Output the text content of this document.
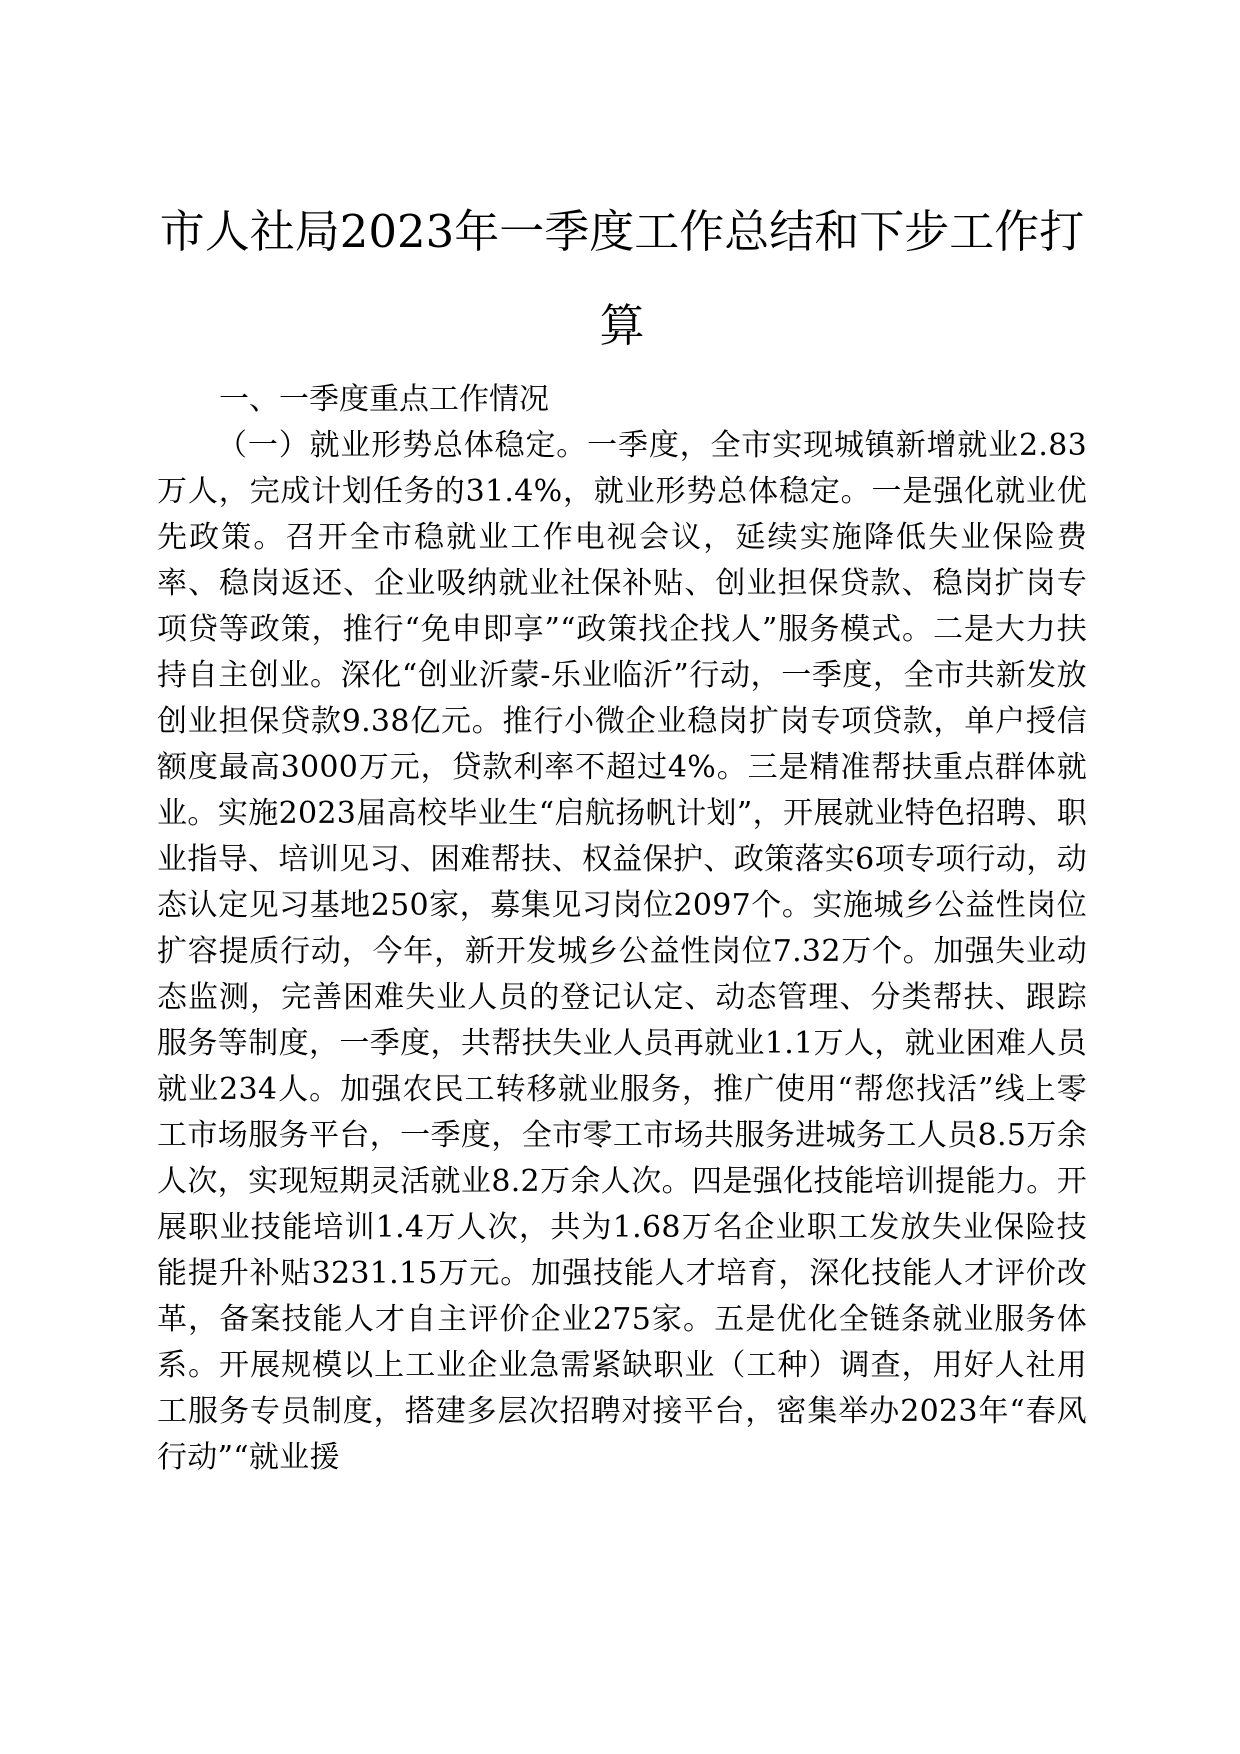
市人社局2023年一季度工作总结和下步工作打算

一、一季度重点工作情况

（一）就业形势总体稳定。一季度，全市实现城镇新增就业2.83万人，完成计划任务的31.4%，就业形势总体稳定。一是强化就业优先政策。召开全市稳就业工作电视会议，延续实施降低失业保险费率、稳岗返还、企业吸纳就业社保补贴、创业担保贷款、稳岗扩岗专项贷等政策，推行“免申即享”“政策找企找人”服务模式。二是大力扶持自主创业。深化“创业沂蒙-乐业临沂”行动，一季度，全市共新发放创业担保贷款9.38亿元。推行小微企业稳岗扩岗专项贷款，单户授信额度最高3000万元，贷款利率不超过4%。三是精准帮扶重点群体就业。实施2023届高校毕业生“启航扬帆计划”，开展就业特色招聘、职业指导、培训见习、困难帮扶、权益保护、政策落实6项专项行动，动态认定见习基地250家，募集见习岗位2097个。实施城乡公益性岗位扩容提质行动，今年，新开发城乡公益性岗位7.32万个。加强失业动态监测，完善困难失业人员的登记认定、动态管理、分类帮扶、跟踪服务等制度，一季度，共帮扶失业人员再就业1.1万人，就业困难人员就业234人。加强农民工转移就业服务，推广使用“帮您找活”线上零工市场服务平台，一季度，全市零工市场共服务进城务工人员8.5万余人次，实现短期灵活就业8.2万余人次。四是强化技能培训提能力。开展职业技能培训1.4万人次，共为1.68万名企业职工发放失业保险技能提升补贴3231.15万元。加强技能人才培育，深化技能人才评价改革，备案技能人才自主评价企业275家。五是优化全链条就业服务体系。开展规模以上工业企业急需紧缺职业（工种）调查，用好人社用工服务专员制度，搭建多层次招聘对接平台，密集举办2023年“春风行动”“就业援
